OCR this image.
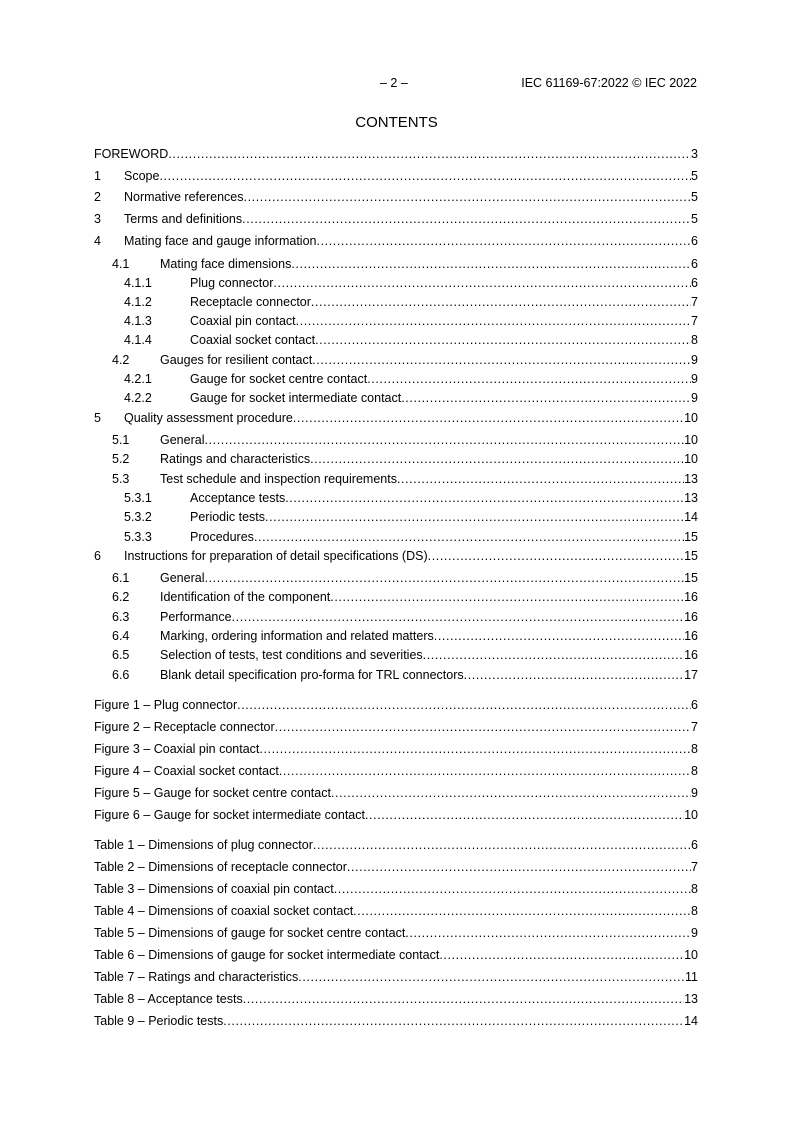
– 2 –	IEC 61169-67:2022 © IEC 2022
CONTENTS
FOREWORD .....	3
1 Scope .....	5
2 Normative references .....	5
3 Terms and definitions .....	5
4 Mating face and gauge information .....	6
4.1 Mating face dimensions .....	6
4.1.1	Plug connector .....	6
4.1.2	Receptacle connector .....	7
4.1.3	Coaxial pin contact .....	7
4.1.4	Coaxial socket contact .....	8
4.2 Gauges for resilient contact .....	9
4.2.1	Gauge for socket centre contact .....	9
4.2.2	Gauge for socket intermediate contact .....	9
5 Quality assessment procedure .....	10
5.1 General .....	10
5.2 Ratings and characteristics .....	10
5.3 Test schedule and inspection requirements .....	13
5.3.1	Acceptance tests .....	13
5.3.2	Periodic tests .....	14
5.3.3	Procedures .....	15
6 Instructions for preparation of detail specifications (DS) .....	15
6.1 General .....	15
6.2 Identification of the component .....	16
6.3 Performance .....	16
6.4 Marking, ordering information and related matters .....	16
6.5 Selection of tests, test conditions and severities .....	16
6.6 Blank detail specification pro-forma for TRL connectors .....	17
Figure 1 – Plug connector .....	6
Figure 2 – Receptacle connector .....	7
Figure 3 – Coaxial pin contact .....	8
Figure 4 – Coaxial socket contact .....	8
Figure 5 – Gauge for socket centre contact .....	9
Figure 6 – Gauge for socket intermediate contact .....	10
Table 1 – Dimensions of plug connector .....	6
Table 2 – Dimensions of receptacle connector .....	7
Table 3 – Dimensions of coaxial pin contact .....	8
Table 4 – Dimensions of coaxial socket contact .....	8
Table 5 – Dimensions of gauge for socket centre contact .....	9
Table 6 – Dimensions of gauge for socket intermediate contact .....	10
Table 7 – Ratings and characteristics .....	11
Table 8 – Acceptance tests .....	13
Table 9 – Periodic tests .....	14
